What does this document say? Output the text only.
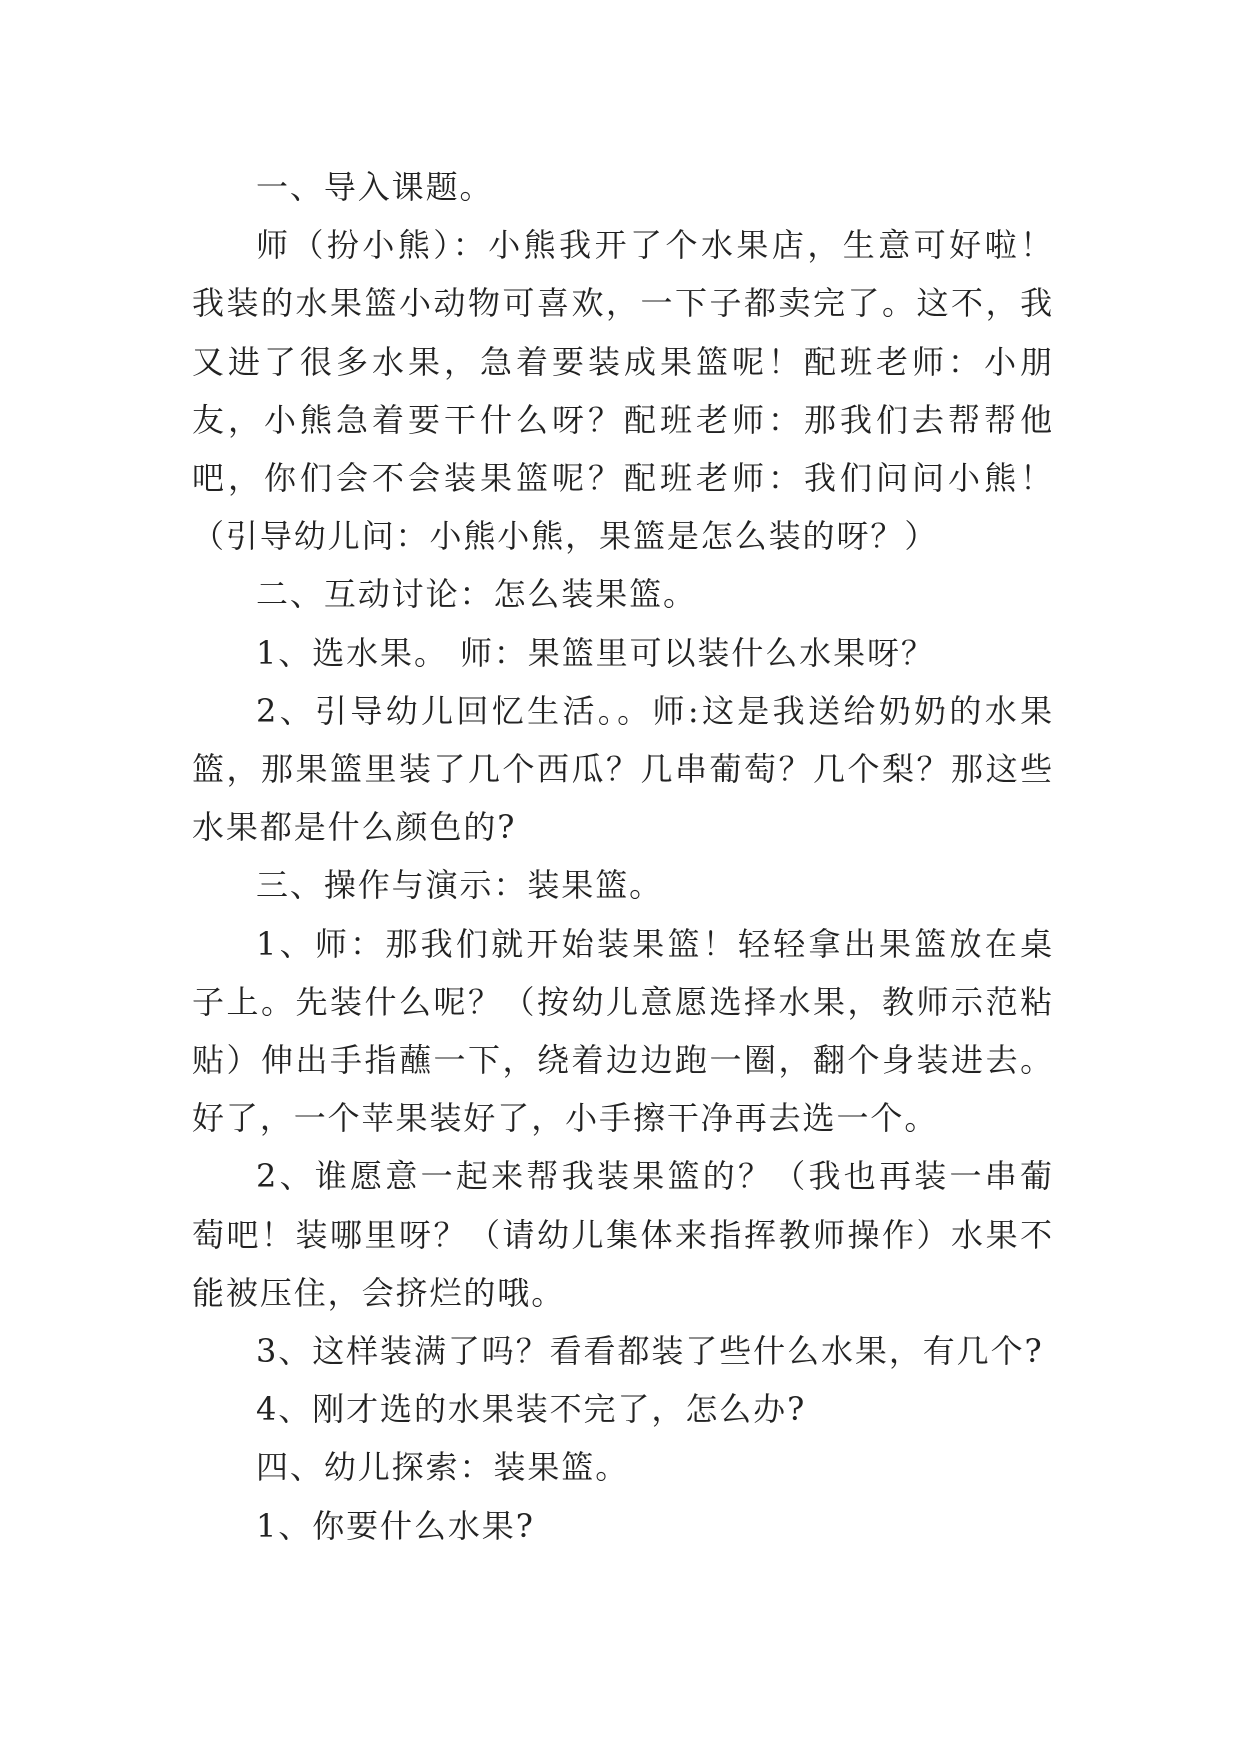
一、导入课题。

师（扮小熊）：小熊我开了个水果店，生意可好啦！我装的水果篮小动物可喜欢，一下子都卖完了。这不，我又进了很多水果，急着要装成果篮呢！配班老师：小朋友，小熊急着要干什么呀？配班老师：那我们去帮帮他吧，你们会不会装果篮呢？配班老师：我们问问小熊！（引导幼儿问：小熊小熊，果篮是怎么装的呀？）

二、互动讨论：怎么装果篮。

1、选水果。 师：果篮里可以装什么水果呀？

2、引导幼儿回忆生活。。师:这是我送给奶奶的水果篮，那果篮里装了几个西瓜？几串葡萄？几个梨？那这些水果都是什么颜色的?

三、操作与演示：装果篮。

1、师：那我们就开始装果篮！轻轻拿出果篮放在桌子上。先装什么呢？（按幼儿意愿选择水果，教师示范粘贴）伸出手指蘸一下，绕着边边跑一圈，翻个身装进去。好了，一个苹果装好了，小手擦干净再去选一个。

2、谁愿意一起来帮我装果篮的？（我也再装一串葡萄吧！装哪里呀？（请幼儿集体来指挥教师操作）水果不能被压住，会挤烂的哦。

3、这样装满了吗？看看都装了些什么水果，有几个?

4、刚才选的水果装不完了，怎么办?

四、幼儿探索：装果篮。

1、你要什么水果?
